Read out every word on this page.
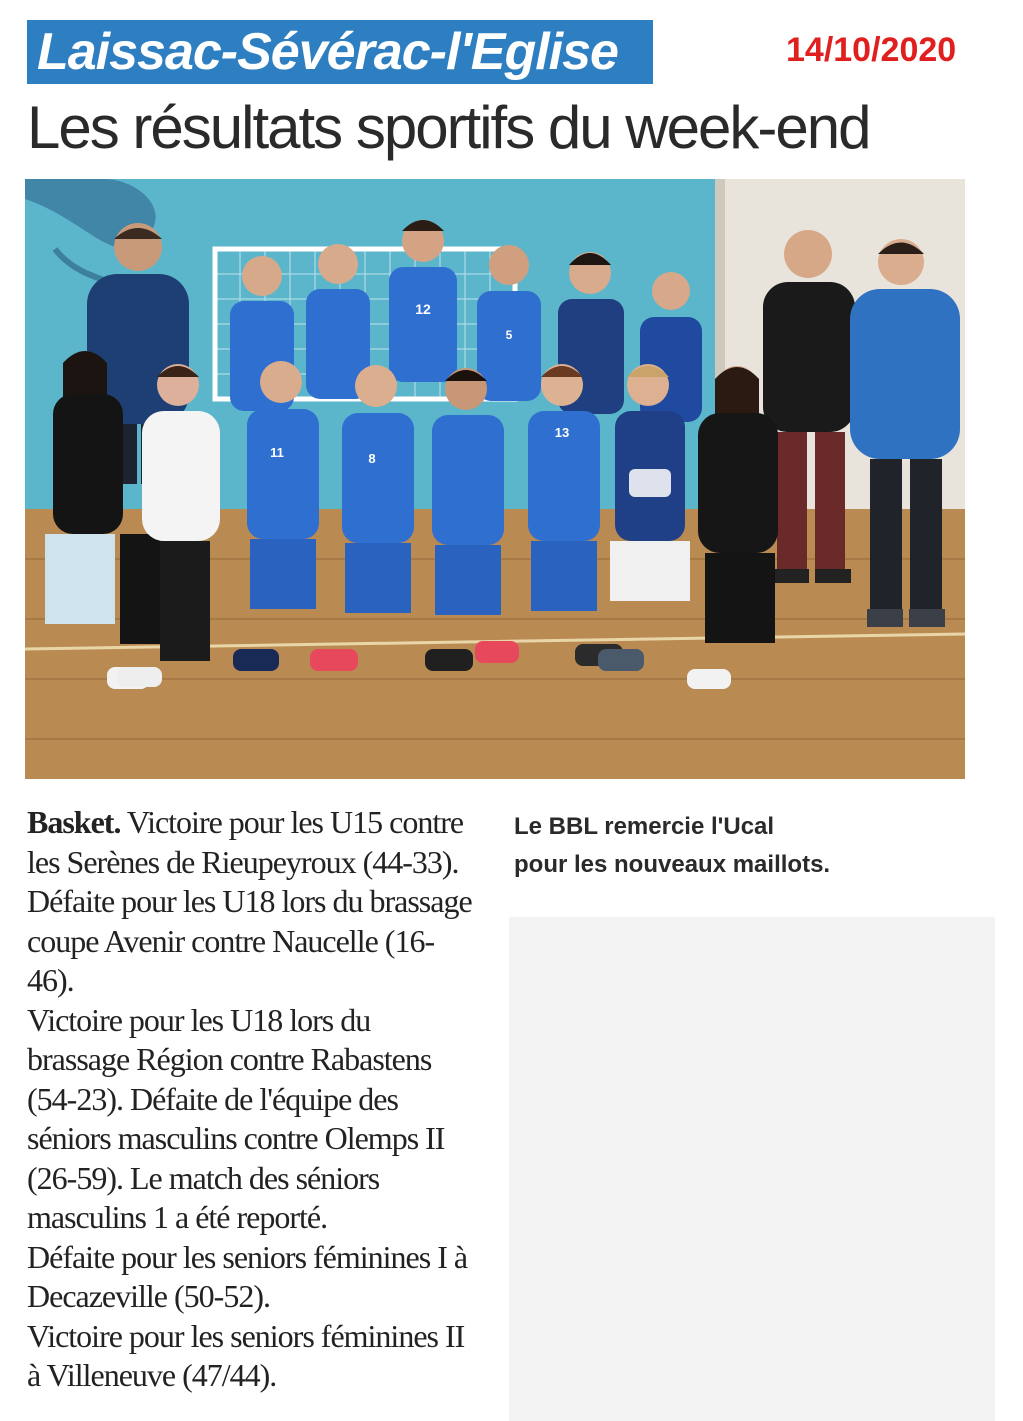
Laissac-Sévérac-l'Eglise	14/10/2020
Les résultats sportifs du week-end
12
5
11	8
13

Basket. Victoire pour les U15 contre les Serènes de Rieupeyroux (44-33). Défaite pour les U18 lors du brassage coupe Avenir contre Naucelle (16-46).

Victoire pour les U18 lors du brassage Région contre Rabastens (54-23). Défaite de l'équipe des séniors masculins contre Olemps II (26-59). Le match des séniors masculins 1 a été reporté.

Défaite pour les seniors féminines I à Decazeville (50-52).

Victoire pour les seniors féminines II à Villeneuve (47/44).

Le BBL remercie l'Ucal

pour les nouveaux maillots.
